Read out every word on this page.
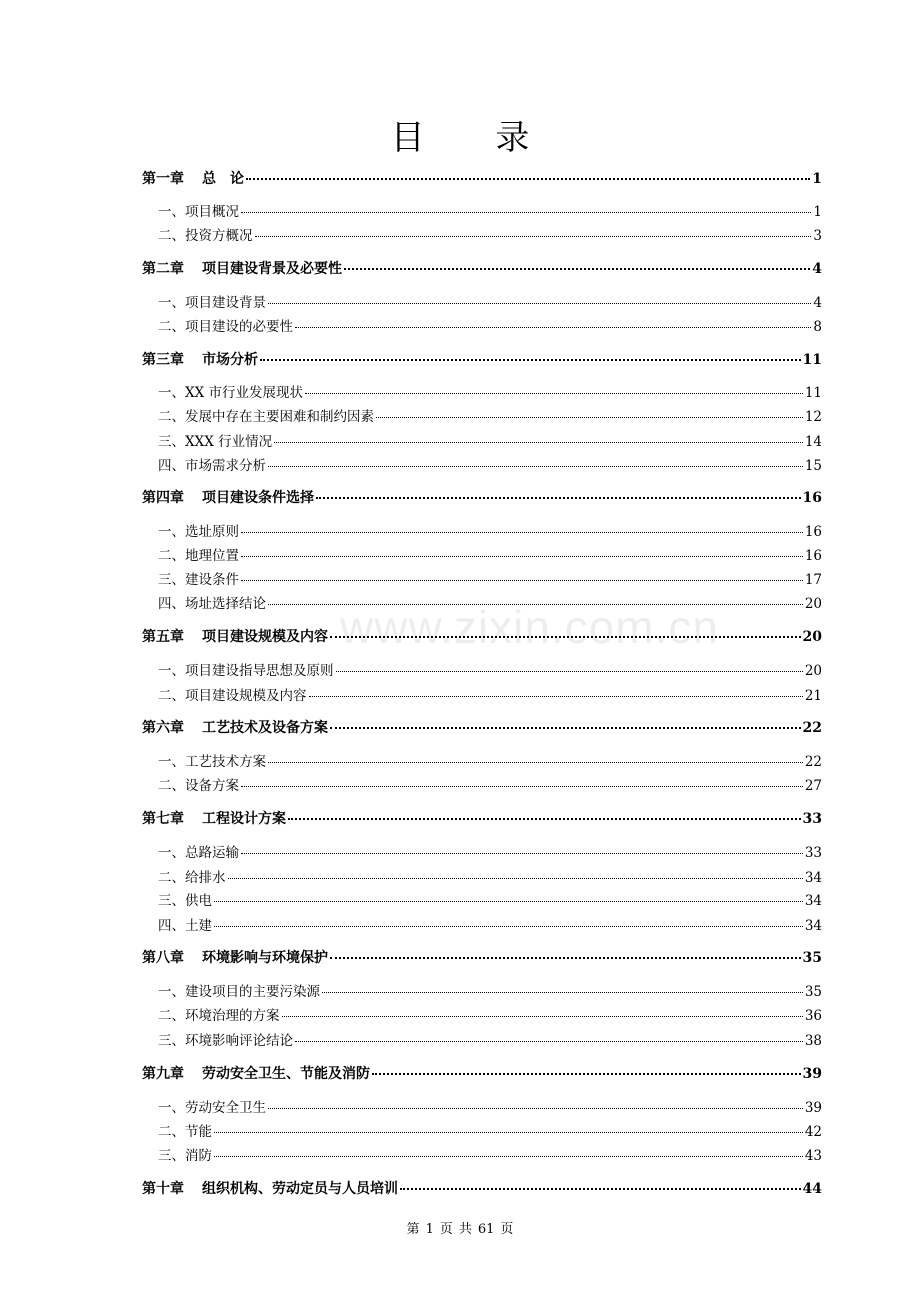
目 录
www.zixin.com.cn
第一章 总　论	1
一、项目概况	1
二、投资方概况	3
第二章 项目建设背景及必要性	4
一、项目建设背景	4
二、项目建设的必要性	8
第三章 市场分析	11
一、XX 市行业发展现状	11
二、发展中存在主要困难和制约因素	12
三、XXX 行业情况	14
四、市场需求分析	15
第四章 项目建设条件选择	16
一、选址原则	16
二、地理位置	16
三、建设条件	17
四、场址选择结论	20
第五章 项目建设规模及内容	20
一、项目建设指导思想及原则	20
二、项目建设规模及内容	21
第六章 工艺技术及设备方案	22
一、工艺技术方案	22
二、设备方案	27
第七章 工程设计方案	33
一、总路运输	33
二、给排水	34
三、供电	34
四、土建	34
第八章 环境影响与环境保护	35
一、建设项目的主要污染源	35
二、环境治理的方案	36
三、环境影响评论结论	38
第九章 劳动安全卫生、节能及消防	39
一、劳动安全卫生	39
二、节能	42
三、消防	43
第十章 组织机构、劳动定员与人员培训	44
第 1 页 共 61 页
